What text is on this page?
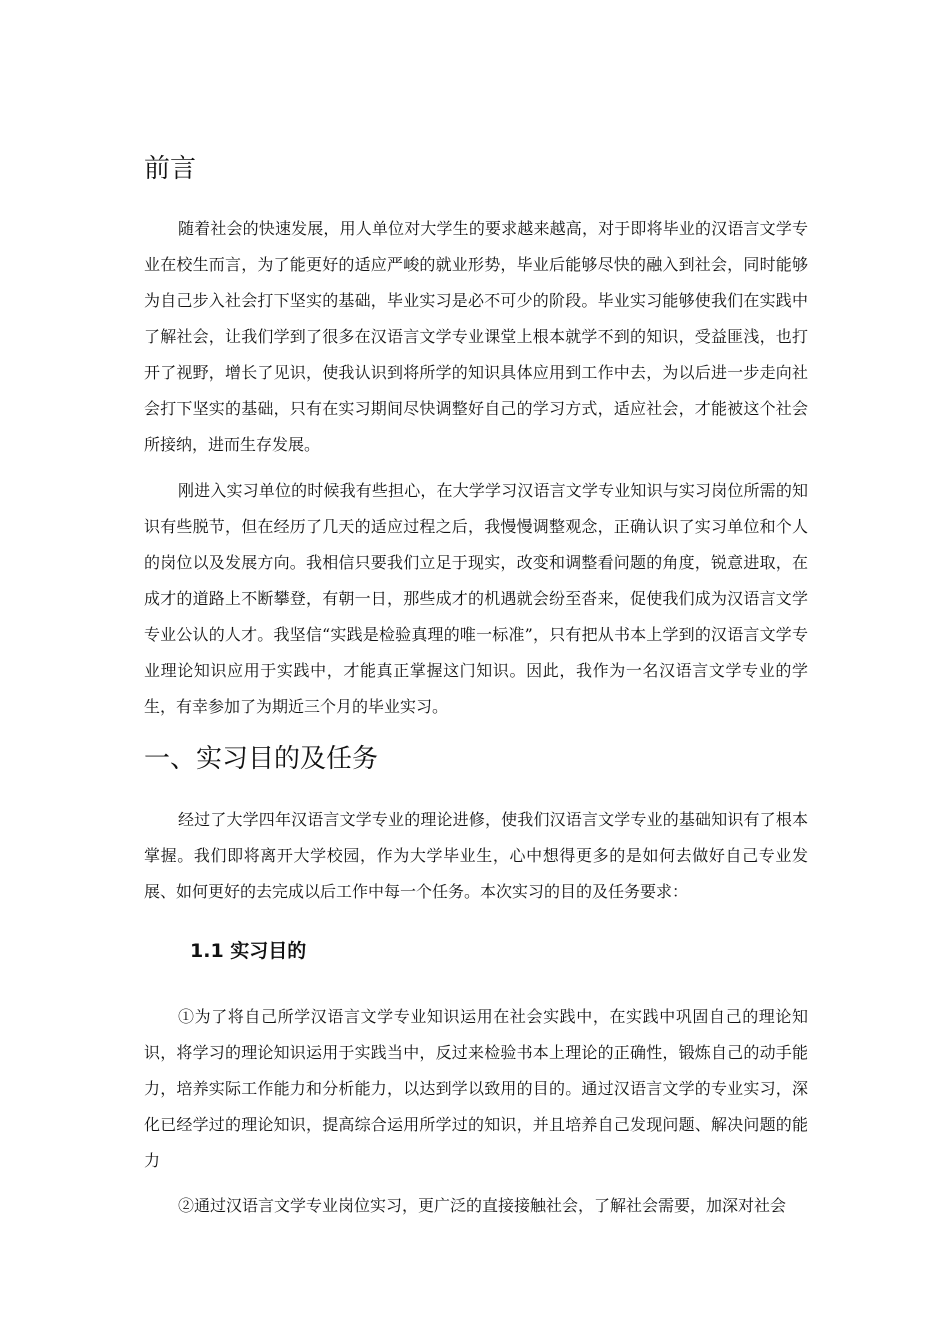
前言

随着社会的快速发展，用人单位对大学生的要求越来越高，对于即将毕业的汉语言文学专业在校生而言，为了能更好的适应严峻的就业形势，毕业后能够尽快的融入到社会，同时能够为自己步入社会打下坚实的基础，毕业实习是必不可少的阶段。毕业实习能够使我们在实践中了解社会，让我们学到了很多在汉语言文学专业课堂上根本就学不到的知识，受益匪浅，也打开了视野，增长了见识，使我认识到将所学的知识具体应用到工作中去，为以后进一步走向社会打下坚实的基础，只有在实习期间尽快调整好自己的学习方式，适应社会，才能被这个社会所接纳，进而生存发展。

刚进入实习单位的时候我有些担心，在大学学习汉语言文学专业知识与实习岗位所需的知识有些脱节，但在经历了几天的适应过程之后，我慢慢调整观念，正确认识了实习单位和个人的岗位以及发展方向。我相信只要我们立足于现实，改变和调整看问题的角度，锐意进取，在成才的道路上不断攀登，有朝一日，那些成才的机遇就会纷至沓来，促使我们成为汉语言文学专业公认的人才。我坚信“实践是检验真理的唯一标准”，只有把从书本上学到的汉语言文学专业理论知识应用于实践中，才能真正掌握这门知识。因此，我作为一名汉语言文学专业的学生，有幸参加了为期近三个月的毕业实习。

一、实习目的及任务

经过了大学四年汉语言文学专业的理论进修，使我们汉语言文学专业的基础知识有了根本掌握。我们即将离开大学校园，作为大学毕业生，心中想得更多的是如何去做好自己专业发展、如何更好的去完成以后工作中每一个任务。本次实习的目的及任务要求：

1.1 实习目的

①为了将自己所学汉语言文学专业知识运用在社会实践中，在实践中巩固自己的理论知识，将学习的理论知识运用于实践当中，反过来检验书本上理论的正确性，锻炼自己的动手能力，培养实际工作能力和分析能力，以达到学以致用的目的。通过汉语言文学的专业实习，深化已经学过的理论知识，提高综合运用所学过的知识，并且培养自己发现问题、解决问题的能力

②通过汉语言文学专业岗位实习，更广泛的直接接触社会，了解社会需要，加深对社会
